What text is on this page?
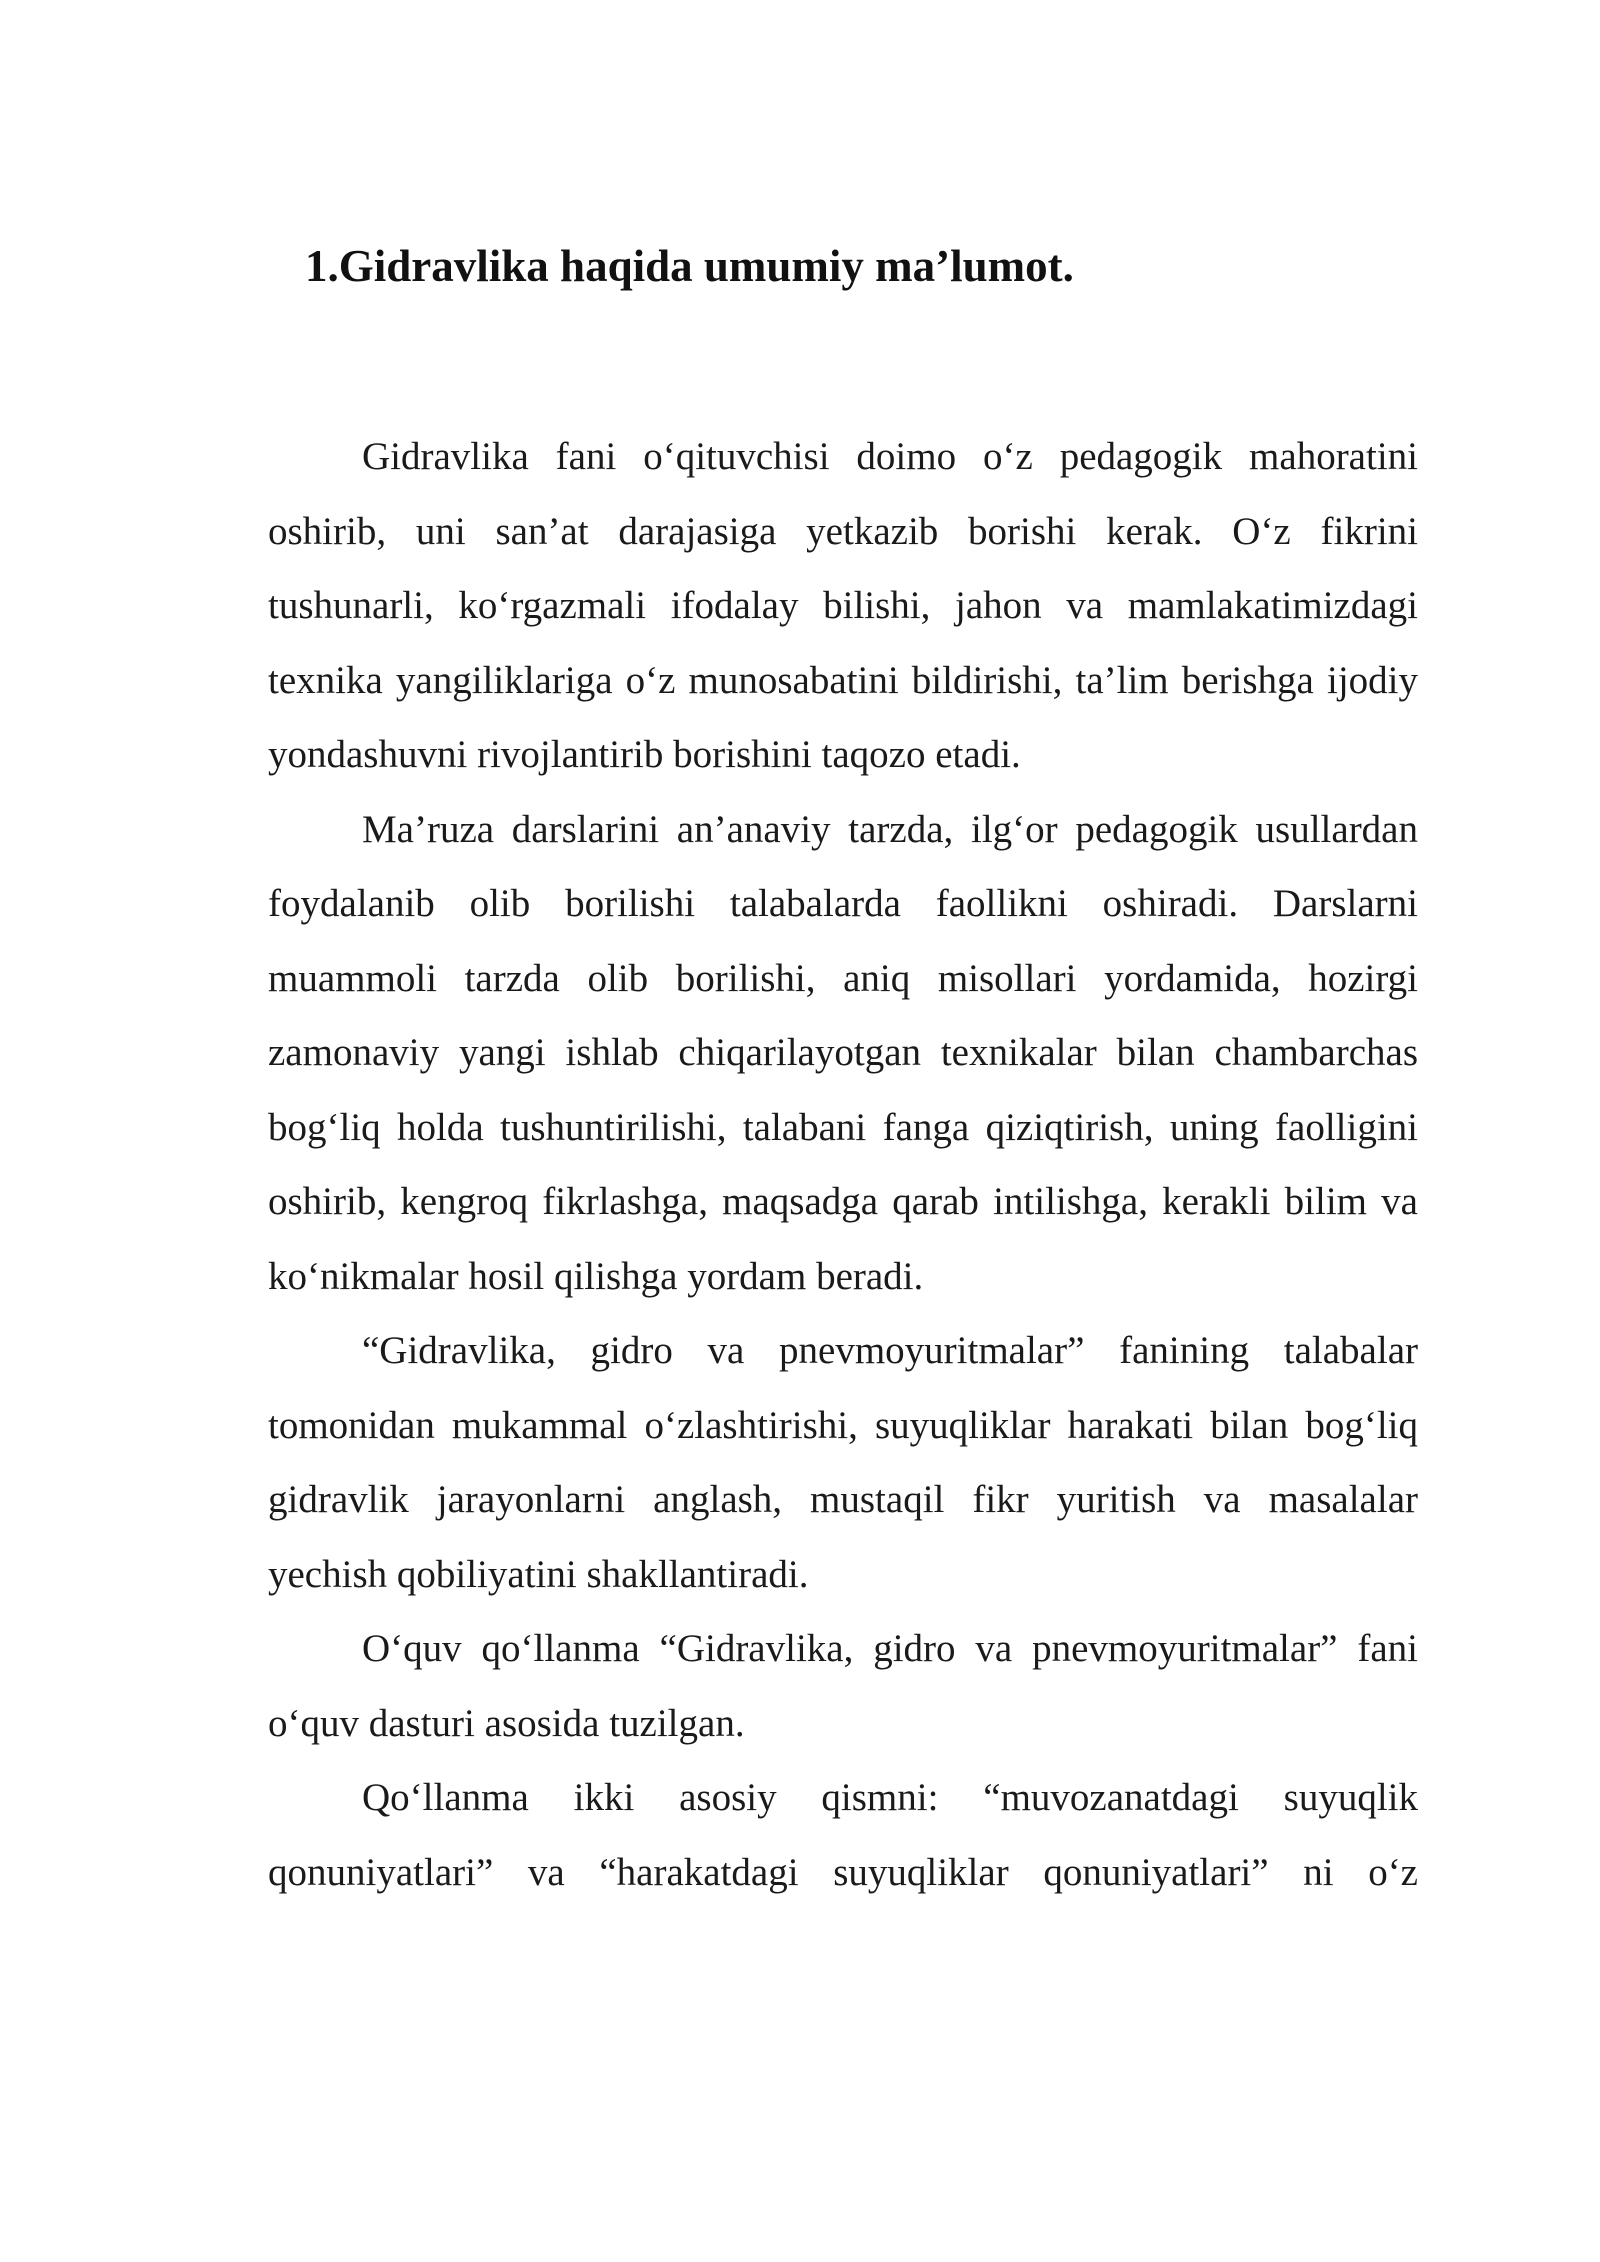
1.Gidravlika haqida umumiy ma’lumot.

Gidravlika fani o‘qituvchisi doimo o‘z pedagogik mahoratini oshirib, uni san’at darajasiga yetkazib borishi kerak. O‘z fikrini tushunarli, ko‘rgazmali ifodalay bilishi, jahon va mamlakatimizdagi texnika yangiliklariga o‘z munosabatini bildirishi, ta’lim berishga ijodiy yondashuvni rivojlantirib borishini taqozo etadi.

Ma’ruza darslarini an’anaviy tarzda, ilg‘or pedagogik usullardan foydalanib olib borilishi talabalarda faollikni oshiradi. Darslarni muammoli tarzda olib borilishi, aniq misollari yordamida, hozirgi zamonaviy yangi ishlab chiqarilayotgan texnikalar bilan chambarchas bog‘liq holda tushuntirilishi, talabani fanga qiziqtirish, uning faolligini oshirib, kengroq fikrlashga, maqsadga qarab intilishga, kerakli bilim va ko‘nikmalar hosil qilishga yordam beradi.

“Gidravlika, gidro va pnevmoyuritmalar” fanining talabalar tomonidan mukammal o‘zlashtirishi, suyuqliklar harakati bilan bog‘liq gidravlik jarayonlarni anglash, mustaqil fikr yuritish va masalalar yechish qobiliyatini shakllantiradi.

O‘quv qo‘llanma “Gidravlika, gidro va pnevmoyuritmalar” fani o‘quv dasturi asosida tuzilgan.

Qo‘llanma ikki asosiy qismni: “muvozanatdagi suyuqlik qonuniyatlari” va “harakatdagi suyuqliklar qonuniyatlari” ni o‘z
